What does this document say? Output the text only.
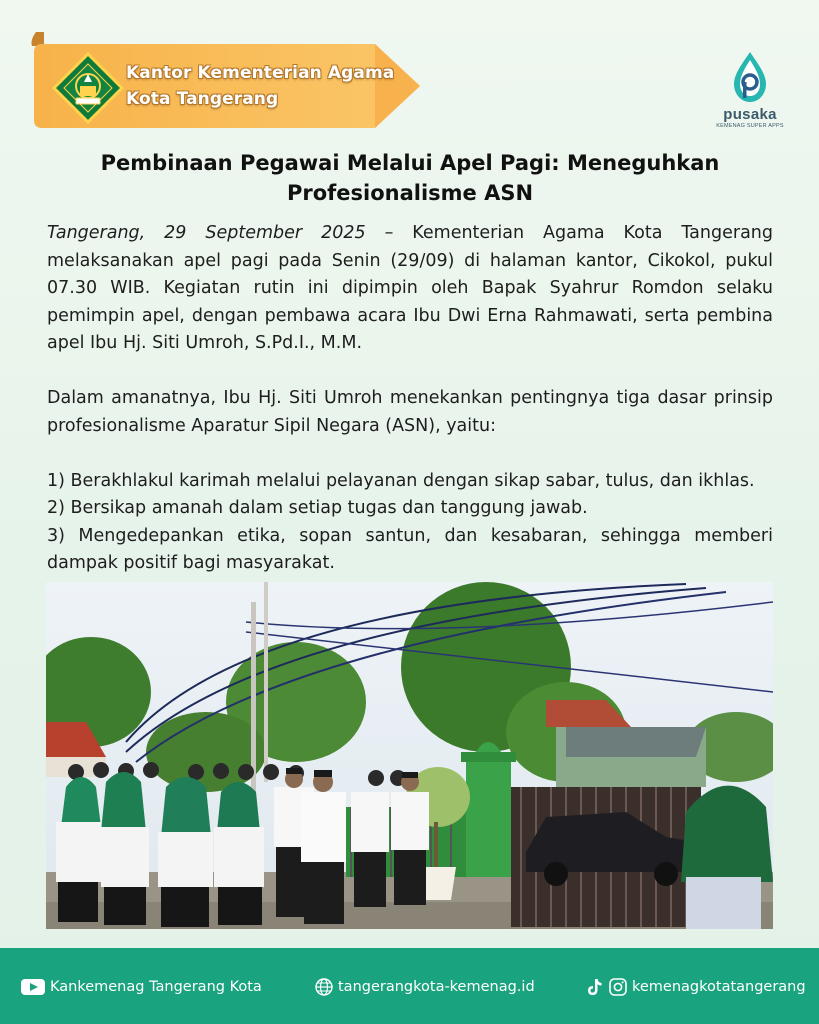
Kantor Kementerian Agama
Kota Tangerang
pusaka
KEMENAG SUPER APPS
Pembinaan Pegawai Melalui Apel Pagi: Meneguhkan
Profesionalisme ASN

Tangerang, 29 September 2025 – Kementerian Agama Kota Tangerang melaksanakan apel pagi pada Senin (29/09) di halaman kantor, Cikokol, pukul 07.30 WIB. Kegiatan rutin ini dipimpin oleh Bapak Syahrur Romdon selaku pemimpin apel, dengan pembawa acara Ibu Dwi Erna Rahmawati, serta pembina apel Ibu Hj. Siti Umroh, S.Pd.I., M.M.

Dalam amanatnya, Ibu Hj. Siti Umroh menekankan pentingnya tiga dasar prinsip profesionalisme Aparatur Sipil Negara (ASN), yaitu:

1) Berakhlakul karimah melalui pelayanan dengan sikap sabar, tulus, dan ikhlas.

2) Bersikap amanah dalam setiap tugas dan tanggung jawab.

3) Mengedepankan etika, sopan santun, dan kesabaran, sehingga memberi dampak positif bagi masyarakat.

Kankemenag Tangerang Kota	tangerangkota-kemenag.id	kemenagkotatangerang
